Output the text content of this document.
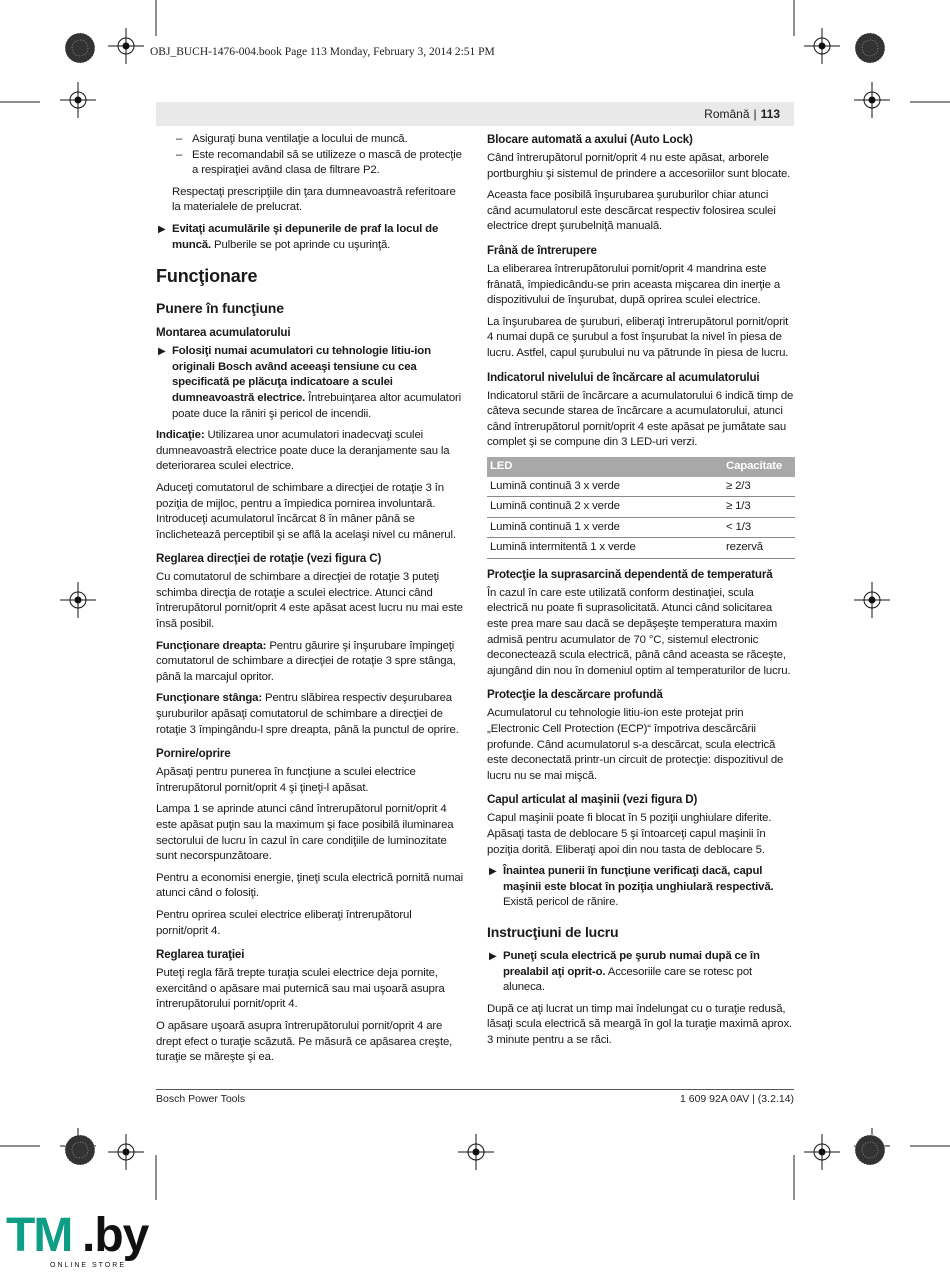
OBJ_BUCH-1476-004.book Page 113 Monday, February 3, 2014 2:51 PM
Română | 113
– Asiguraţi buna ventilaţie a locului de muncă.

– Este recomandabil să se utilizeze o mască de protecţie a respiraţiei având clasa de filtrare P2.

Respectaţi prescripţiile din ţara dumneavoastră referitoare la materialele de prelucrat.

▶ Evitaţi acumulările şi depunerile de praf la locul de muncă. Pulberile se pot aprinde cu uşurinţă.

Funcţionare
Punere în funcţiune
Montarea acumulatorului

▶ Folosiţi numai acumulatori cu tehnologie litiu-ion originali Bosch având aceeaşi tensiune cu cea specificată pe plăcuţa indicatoare a sculei dumneavoastră electrice. Întrebuinţarea altor acumulatori poate duce la răniri şi pericol de incendii.

Indicaţie: Utilizarea unor acumulatori inadecvaţi sculei dumneavoastră electrice poate duce la deranjamente sau la deteriorarea sculei electrice.

Aduceţi comutatorul de schimbare a direcţiei de rotaţie 3 în poziţia de mijloc, pentru a împiedica pornirea involuntară. Introduceţi acumulatorul încărcat 8 în mâner până se înclichetează perceptibil şi se află la acelaşi nivel cu mânerul.

Reglarea direcţiei de rotaţie (vezi figura C)

Cu comutatorul de schimbare a direcţiei de rotaţie 3 puteţi schimba direcţia de rotaţie a sculei electrice. Atunci când întrerupătorul pornit/oprit 4 este apăsat acest lucru nu mai este însă posibil.

Funcţionare dreapta: Pentru găurire şi înşurubare împingeţi comutatorul de schimbare a direcţiei de rotaţie 3 spre stânga, până la marcajul opritor.

Funcţionare stânga: Pentru slăbirea respectiv deşurubarea şuruburilor apăsaţi comutatorul de schimbare a direcţiei de rotaţie 3 împingându-l spre dreapta, până la punctul de oprire.

Pornire/oprire

Apăsaţi pentru punerea în funcţiune a sculei electrice întrerupătorul pornit/oprit 4 şi ţineţi-l apăsat.

Lampa 1 se aprinde atunci când întrerupătorul pornit/oprit 4 este apăsat puţin sau la maximum şi face posibilă iluminarea sectorului de lucru în cazul în care condiţiile de luminozitate sunt necorspunzătoare.

Pentru a economisi energie, ţineţi scula electrică pornită numai atunci când o folosiţi.

Pentru oprirea sculei electrice eliberaţi întrerupătorul pornit/oprit 4.

Reglarea turaţiei

Puteţi regla fără trepte turaţia sculei electrice deja pornite, exercitând o apăsare mai puternică sau mai uşoară asupra întrerupătorului pornit/oprit 4.

O apăsare uşoară asupra întrerupătorului pornit/oprit 4 are drept efect o turaţie scăzută. Pe măsură ce apăsarea creşte, turaţie se măreşte şi ea.

Blocare automată a axului (Auto Lock)

Când întrerupătorul pornit/oprit 4 nu este apăsat, arborele portburghiu şi sistemul de prindere a accesoriilor sunt blocate.

Aceasta face posibilă înşurubarea şuruburilor chiar atunci când acumulatorul este descărcat respectiv folosirea sculei electrice drept şurubelniţă manuală.

Frână de întrerupere

La eliberarea întrerupătorului pornit/oprit 4 mandrina este frânată, împiedicându-se prin aceasta mişcarea din inerţie a dispozitivului de înşurubat, după oprirea sculei electrice.

La înşurubarea de şuruburi, eliberaţi întrerupătorul pornit/oprit 4 numai după ce şurubul a fost înşurubat la nivel în piesa de lucru. Astfel, capul şurubului nu va pătrunde în piesa de lucru.

Indicatorul nivelului de încărcare al acumulatorului

Indicatorul stării de încărcare a acumulatorului 6 indică timp de câteva secunde starea de încărcare a acumulatorului, atunci când întrerupătorul pornit/oprit 4 este apăsat pe jumătate sau complet şi se compune din 3 LED-uri verzi.

LED	Capacitate
Lumină continuă 3 x verde	≥ 2/3
Lumină continuă 2 x verde	≥ 1/3
Lumină continuă 1 x verde	< 1/3
Lumină intermitentă 1 x verde	rezervă
Protecţie la suprasarcină dependentă de temperatură

În cazul în care este utilizată conform destinaţiei, scula electrică nu poate fi suprasolicitată. Atunci când solicitarea este prea mare sau dacă se depăşeşte temperatura maxim admisă pentru acumulator de 70 °C, sistemul electronic deconectează scula electrică, până când aceasta se răceşte, ajungând din nou în domeniul optim al temperaturilor de lucru.

Protecţie la descărcare profundă

Acumulatorul cu tehnologie litiu-ion este protejat prin „Electronic Cell Protection (ECP)“ împotriva descărcării profunde. Când acumulatorul s-a descărcat, scula electrică este deconectată printr-un circuit de protecţie: dispozitivul de lucru nu se mai mişcă.

Capul articulat al maşinii (vezi figura D)

Capul maşinii poate fi blocat în 5 poziţii unghiulare diferite. Apăsaţi tasta de deblocare 5 şi întoarceţi capul maşinii în poziţia dorită. Eliberaţi apoi din nou tasta de deblocare 5.

▶ Înaintea punerii în funcţiune verificaţi dacă, capul maşinii este blocat în poziţia unghiulară respectivă. Există pericol de rănire.

Instrucţiuni de lucru

▶ Puneţi scula electrică pe şurub numai după ce în prealabil aţi oprit-o. Accesoriile care se rotesc pot aluneca.

După ce aţi lucrat un timp mai îndelungat cu o turaţie redusă, lăsaţi scula electrică să meargă în gol la turaţie maximă aprox. 3 minute pentru a se răci.

Bosch Power Tools	1 609 92A 0AV | (3.2.14)
TM .by
ONLINE STORE
